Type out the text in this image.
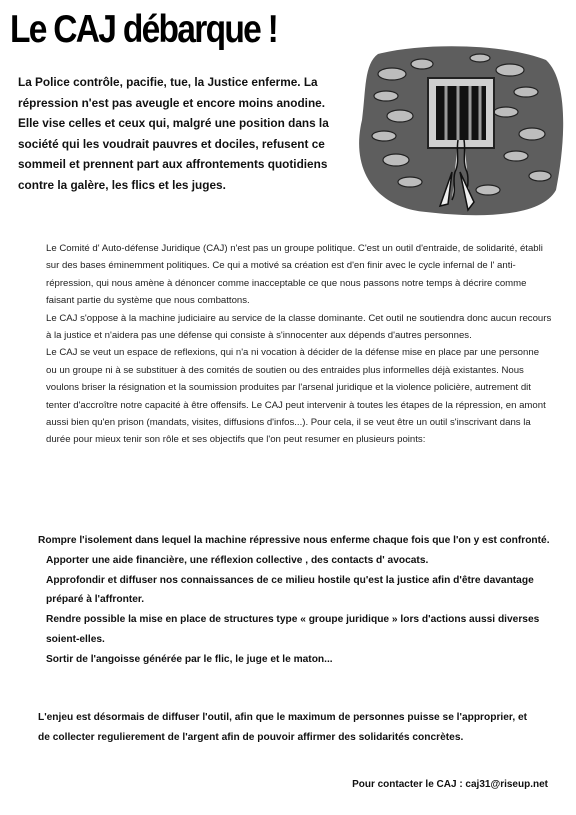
Le CAJ débarque !

La Police contrôle, pacifie, tue, la Justice enferme. La répression n'est pas aveugle et encore moins anodine. Elle vise celles et ceux qui, malgré une position dans la société qui les voudrait pauvres et dociles, refusent ce sommeil et prennent part aux affrontements quotidiens contre la galère, les flics et les juges.

Le Comité d' Auto-défense Juridique (CAJ) n'est pas un groupe politique. C'est un outil d'entraide, de solidarité, établi sur des bases éminemment politiques. Ce qui a motivé sa création est d'en finir avec le cycle infernal de l' anti-répression, qui nous amène à dénoncer comme inacceptable ce que nous passons notre temps à décrire comme faisant partie du système que nous combattons.

Le CAJ s'oppose à la machine judiciaire au service de la classe dominante. Cet outil ne soutiendra donc aucun recours à la justice et n'aidera pas une défense qui consiste à s'innocenter aux dépends d'autres personnes.

Le CAJ se veut un espace de reflexions, qui n'a ni vocation à décider de la défense mise en place par une personne ou un groupe ni à se substituer à des comités de soutien ou des entraides plus informelles déjà existantes. Nous voulons briser la résignation et la soumission produites par l'arsenal juridique et la violence policière, autrement dit tenter d'accroître notre capacité à être offensifs. Le CAJ peut intervenir à toutes les étapes de la répression, en amont aussi bien qu'en prison (mandats, visites, diffusions d'infos...). Pour cela, il se veut être un outil s'inscrivant dans la durée pour mieux tenir son rôle et ses objectifs que l'on peut resumer en plusieurs points:

Rompre l'isolement dans lequel la machine répressive nous enferme chaque fois que l'on y est confronté.

Apporter une aide financière, une réflexion collective , des contacts d' avocats.

Approfondir et diffuser nos connaissances de ce milieu hostile qu'est la justice afin d'être davantage préparé à l'affronter.

Rendre possible la mise en place de structures type « groupe juridique » lors d'actions aussi diverses soient-elles.

Sortir de l'angoisse générée par le flic, le juge et le maton...

L'enjeu est désormais de diffuser l'outil, afin que le maximum de personnes puisse se l'approprier, et de collecter regulierement de l'argent afin de pouvoir affirmer des solidarités concrètes.

Pour contacter le CAJ : caj31@riseup.net
